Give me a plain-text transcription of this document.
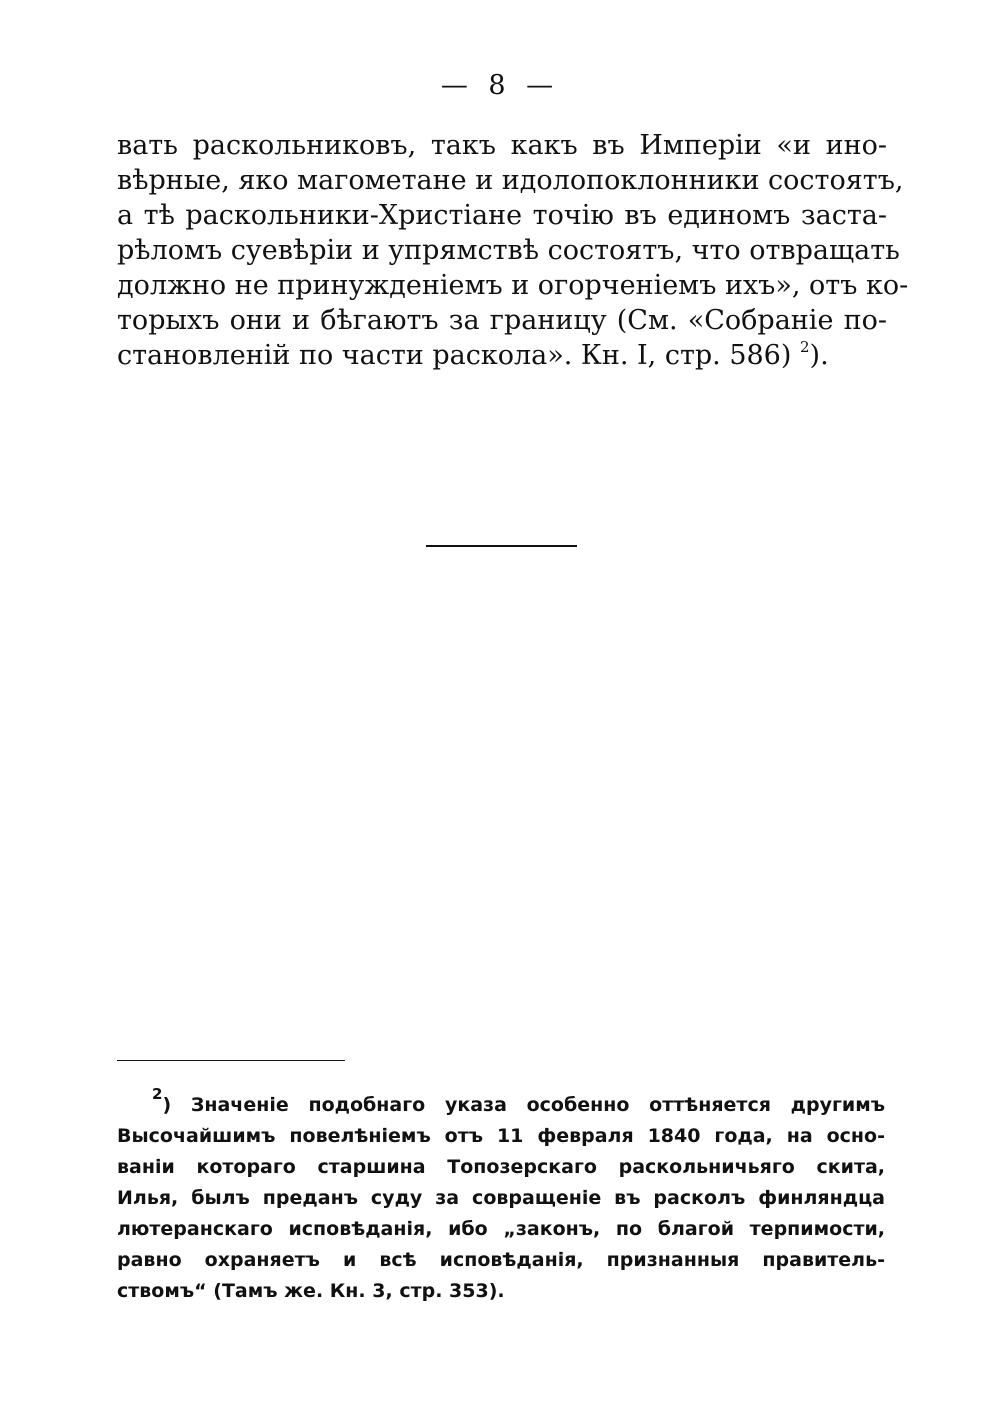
— 8 —
вать раскольниковъ, такъ какъ въ Имперіи «и ино-
вѣрные, яко магометане и идолопоклонники состоятъ,
а тѣ раскольники-Христіане точію въ единомъ заста-
рѣломъ суевѣріи и упрямствѣ состоятъ, что отвращать
должно не принужденіемъ и огорченіемъ ихъ», отъ ко-
торыхъ они и бѣгаютъ за границу (См. «Собраніе по-
становленій по части раскола». Кн. I, стр. 586) $^2$).
$^2$) Значеніе подобнаго указа особенно оттѣняется другимъ
Высочайшимъ повелѣніемъ отъ 11 февраля 1840 года, на осно-
ваніи котораго старшина Топозерскаго раскольничьяго скита,
Илья, былъ преданъ суду за совращеніе въ расколъ финляндца
лютеранскаго исповѣданія, ибо „законъ, по благой терпимости,
равно охраняетъ и всѣ исповѣданія, признанныя правитель-
ствомъ“ (Тамъ же. Кн. 3, стр. 353).
